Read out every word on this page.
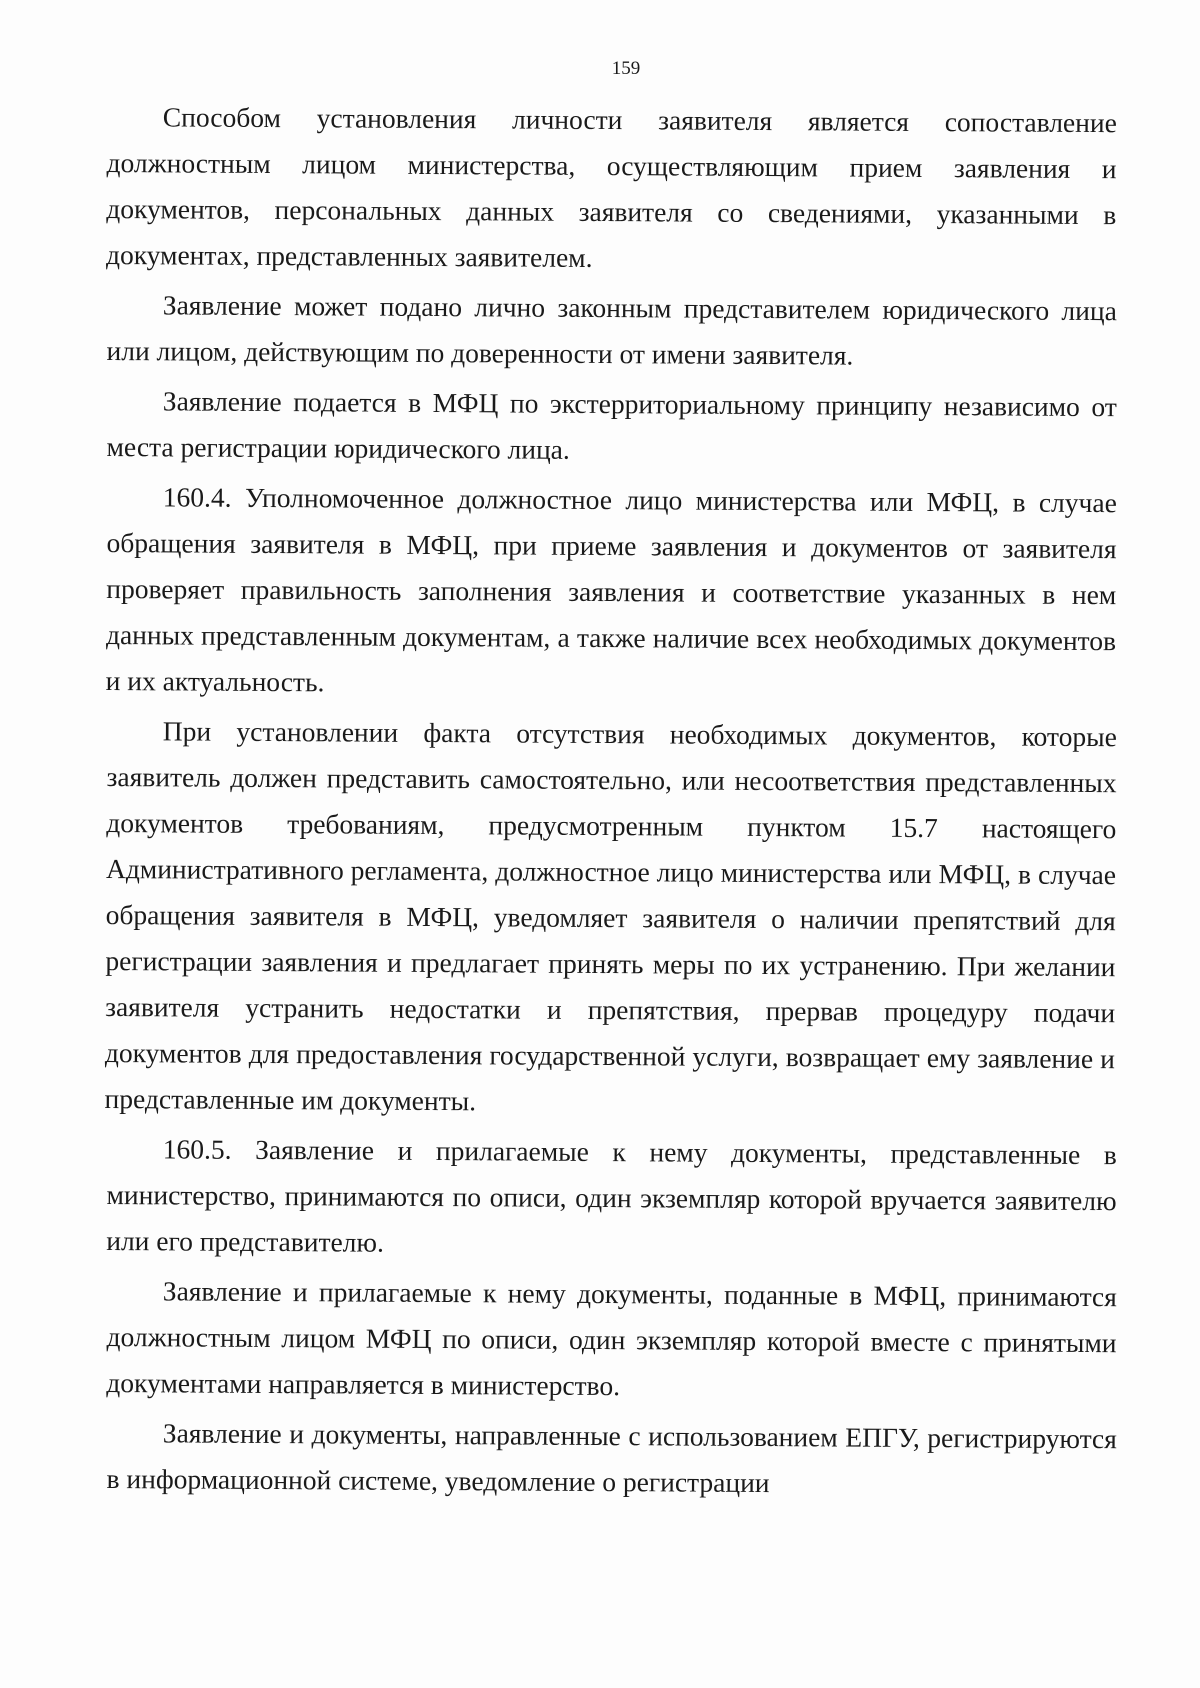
159

Способом установления личности заявителя является сопоставление должностным лицом министерства, осуществляющим прием заявления и документов, персональных данных заявителя со сведениями, указанными в документах, представленных заявителем.

Заявление может подано лично законным представителем юридического лица или лицом, действующим по доверенности от имени заявителя.

Заявление подается в МФЦ по экстерриториальному принципу независимо от места регистрации юридического лица.

160.4. Уполномоченное должностное лицо министерства или МФЦ, в случае обращения заявителя в МФЦ, при приеме заявления и документов от заявителя проверяет правильность заполнения заявления и соответствие указанных в нем данных представленным документам, а также наличие всех необходимых документов и их актуальность.

При установлении факта отсутствия необходимых документов, которые заявитель должен представить самостоятельно, или несоответствия представленных документов требованиям, предусмотренным пунктом 15.7 настоящего Административного регламента, должностное лицо министерства или МФЦ, в случае обращения заявителя в МФЦ, уведомляет заявителя о наличии препятствий для регистрации заявления и предлагает принять меры по их устранению. При желании заявителя устранить недостатки и препятствия, прервав процедуру подачи документов для предоставления государственной услуги, возвращает ему заявление и представленные им документы.

160.5. Заявление и прилагаемые к нему документы, представленные в министерство, принимаются по описи, один экземпляр которой вручается заявителю или его представителю.

Заявление и прилагаемые к нему документы, поданные в МФЦ, принимаются должностным лицом МФЦ по описи, один экземпляр которой вместе с принятыми документами направляется в министерство.

Заявление и документы, направленные с использованием ЕПГУ, регистрируются в информационной системе, уведомление о регистрации
